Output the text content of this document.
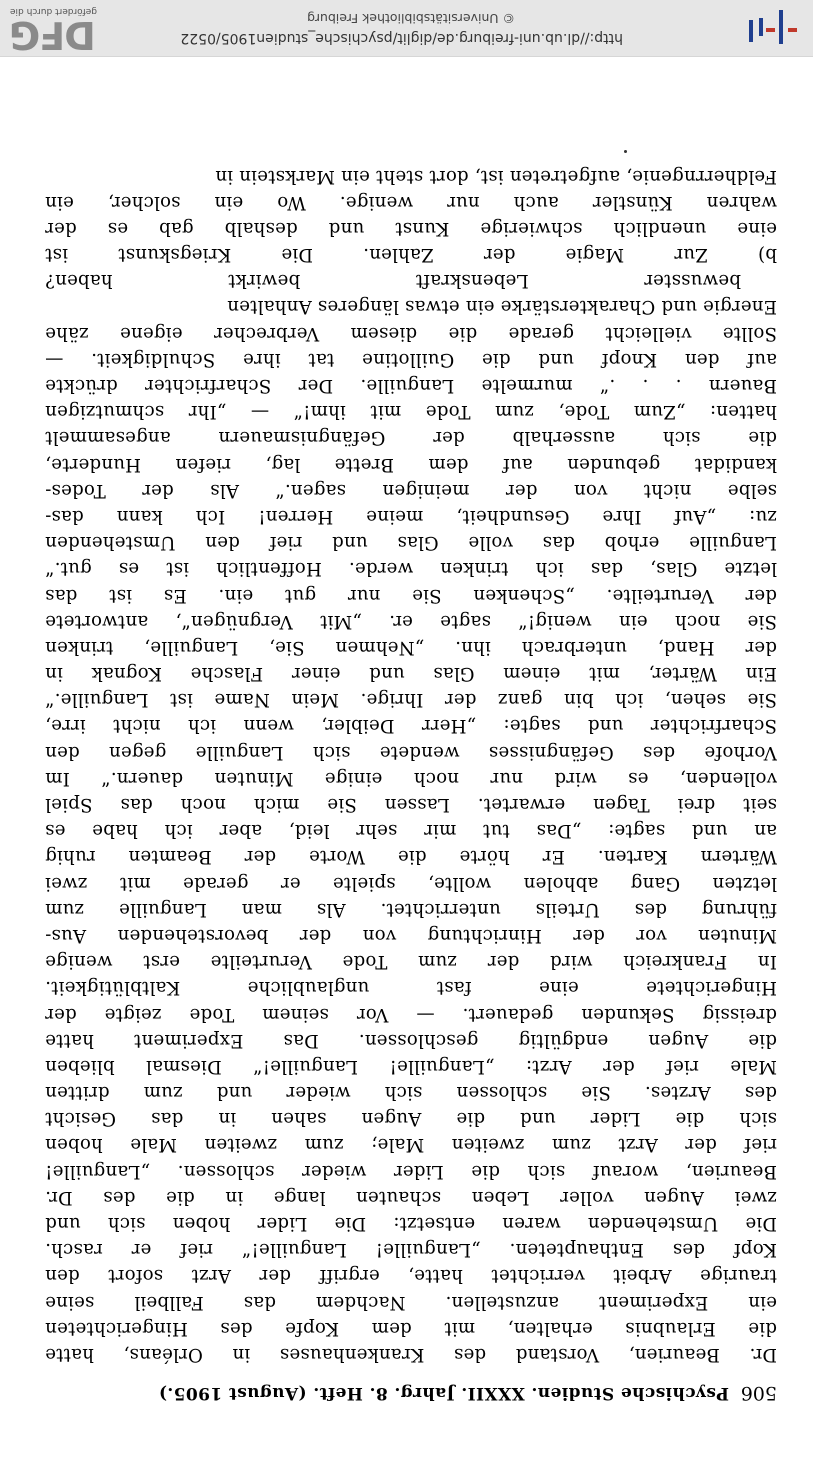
506
Psychische Studien. XXXII. Jahrg. 8. Heft. (August 1905.)
Dr. Beaurien, Vorstand des Krankenhauses in Orléans, hatte
die Erlaubnis erhalten, mit dem Kopfe des Hingerichteten
ein Experiment anzustellen. Nachdem das Fallbeil seine
traurige Arbeit verrichtet hatte, ergriff der Arzt sofort den
Kopf des Enthaupteten. „Languille! Languille!“ rief er rasch.
Die Umstehenden waren entsetzt: Die Lider hoben sich und
zwei Augen voller Leben schauten lange in die des Dr.
Beaurien, worauf sich die Lider wieder schlossen. „Languille!
rief der Arzt zum zweiten Male; zum zweiten Male hoben
sich die Lider und die Augen sahen in das Gesicht
des Arztes. Sie schlossen sich wieder und zum dritten
Male rief der Arzt: „Languille! Languille!“ Diesmal blieben
die Augen endgültig geschlossen. Das Experiment hatte
dreissig Sekunden gedauert. — Vor seinem Tode zeigte der
Hingerichtete eine fast unglaubliche Kaltblütigkeit.
In Frankreich wird der zum Tode Verurteilte erst wenige
Minuten vor der Hinrichtung von der bevorstehenden Aus-
führung des Urteils unterrichtet. Als man Languille zum
letzten Gang abholen wollte, spielte er gerade mit zwei
Wärtern Karten. Er hörte die Worte der Beamten ruhig
an und sagte: „Das tut mir sehr leid, aber ich habe es
seit drei Tagen erwartet. Lassen Sie mich noch das Spiel
vollenden, es wird nur noch einige Minuten dauern.“ Im
Vorhofe des Gefängnisses wendete sich Languille gegen den
Scharfrichter und sagte: „Herr Deibler, wenn ich nicht irre,
Sie sehen, ich bin ganz der Ihrige. Mein Name ist Languille.“
Ein Wärter, mit einem Glas und einer Flasche Kognak in
der Hand, unterbrach ihn. „Nehmen Sie, Languille, trinken
Sie noch ein wenig!“ sagte er. „Mit Vergnügen“, antwortete
der Verurteilte. „Schenken Sie nur gut ein. Es ist das
letzte Glas, das ich trinken werde. Hoffentlich ist es gut.“
Languille erhob das volle Glas und rief den Umstehenden
zu: „Auf Ihre Gesundheit, meine Herren! Ich kann das-
selbe nicht von der meinigen sagen.“ Als der Todes-
kandidat gebunden auf dem Brette lag, riefen Hunderte,
die sich ausserhalb der Gefängnismauern angesammelt
hatten: „Zum Tode, zum Tode mit ihm!“ — „Ihr schmutzigen
Bauern . . .“ murmelte Languille. Der Scharfrichter drückte
auf den Knopf und die Guillotine tat ihre Schuldigkeit. —
Sollte vielleicht gerade die diesem Verbrecher eigene zähe
Energie und Charakterstärke ein etwas längeres Anhalten
bewusster Lebenskraft bewirkt haben?
b) Zur Magie der Zahlen. Die Kriegskunst ist
eine unendlich schwierige Kunst und deshalb gab es der
wahren Künstler auch nur wenige. Wo ein solcher, ein
Feldherrngenie, aufgetreten ist, dort steht ein Markstein in
http://dl.ub.uni-freiburg.de/diglit/psychische_studien1905/0522
© Universitätsbibliothek Freiburg
DFG
gefördert durch die
